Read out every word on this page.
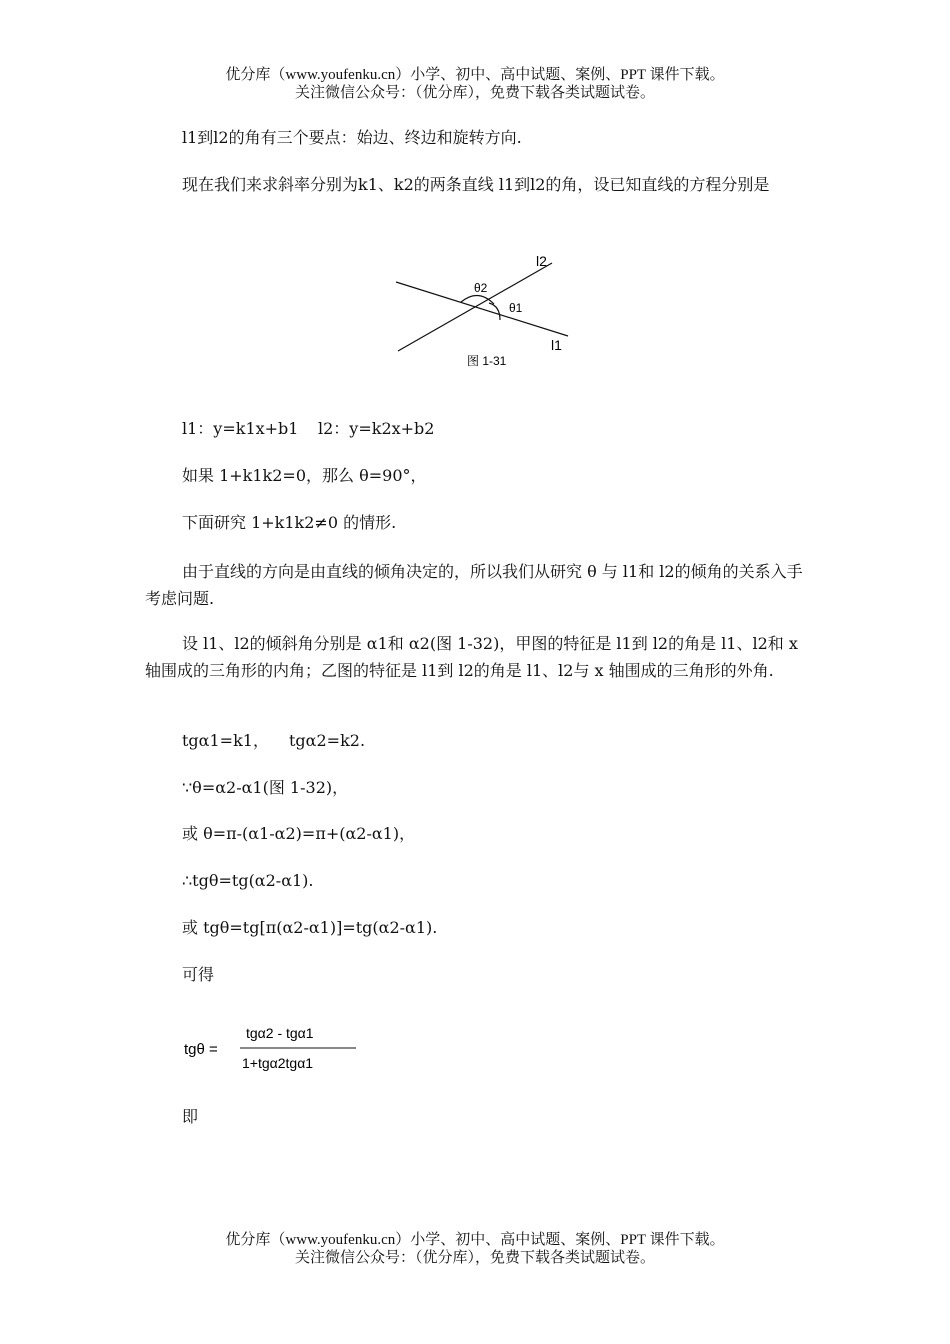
优分库（www.youfenku.cn）小学、初中、高中试题、案例、PPT 课件下载。
关注微信公众号：（优分库），免费下载各类试题试卷。
l1到l2的角有三个要点：始边、终边和旋转方向.
现在我们来求斜率分别为k1、k2的两条直线 l1到l2的角，设已知直线的方程分别是
l2
l1
θ2
θ1
图 1-31
l1：y=k1x+b1 l2：y=k2x+b2
如果 1+k1k2=0，那么 θ=90°，
下面研究 1+k1k2≠0 的情形.
由于直线的方向是由直线的倾角决定的，所以我们从研究 θ 与 l1和 l2的倾角的关系入手考虑问题.
设 l1、l2的倾斜角分别是 α1和 α2(图 1-32)，甲图的特征是 l1到 l2的角是 l1、l2和 x 轴围成的三角形的内角；乙图的特征是 l1到 l2的角是 l1、l2与 x 轴围成的三角形的外角.
tgα1=k1， tgα2=k2.
∵θ=α2-α1(图 1-32)，
或 θ=π-(α1-α2)=π+(α2-α1)，
∴tgθ=tg(α2-α1).
或 tgθ=tg[π(α2-α1)]=tg(α2-α1).
可得
tgθ =
tgα2 - tgα1
1+tgα2tgα1
即
优分库（www.youfenku.cn）小学、初中、高中试题、案例、PPT 课件下载。
关注微信公众号：（优分库），免费下载各类试题试卷。
